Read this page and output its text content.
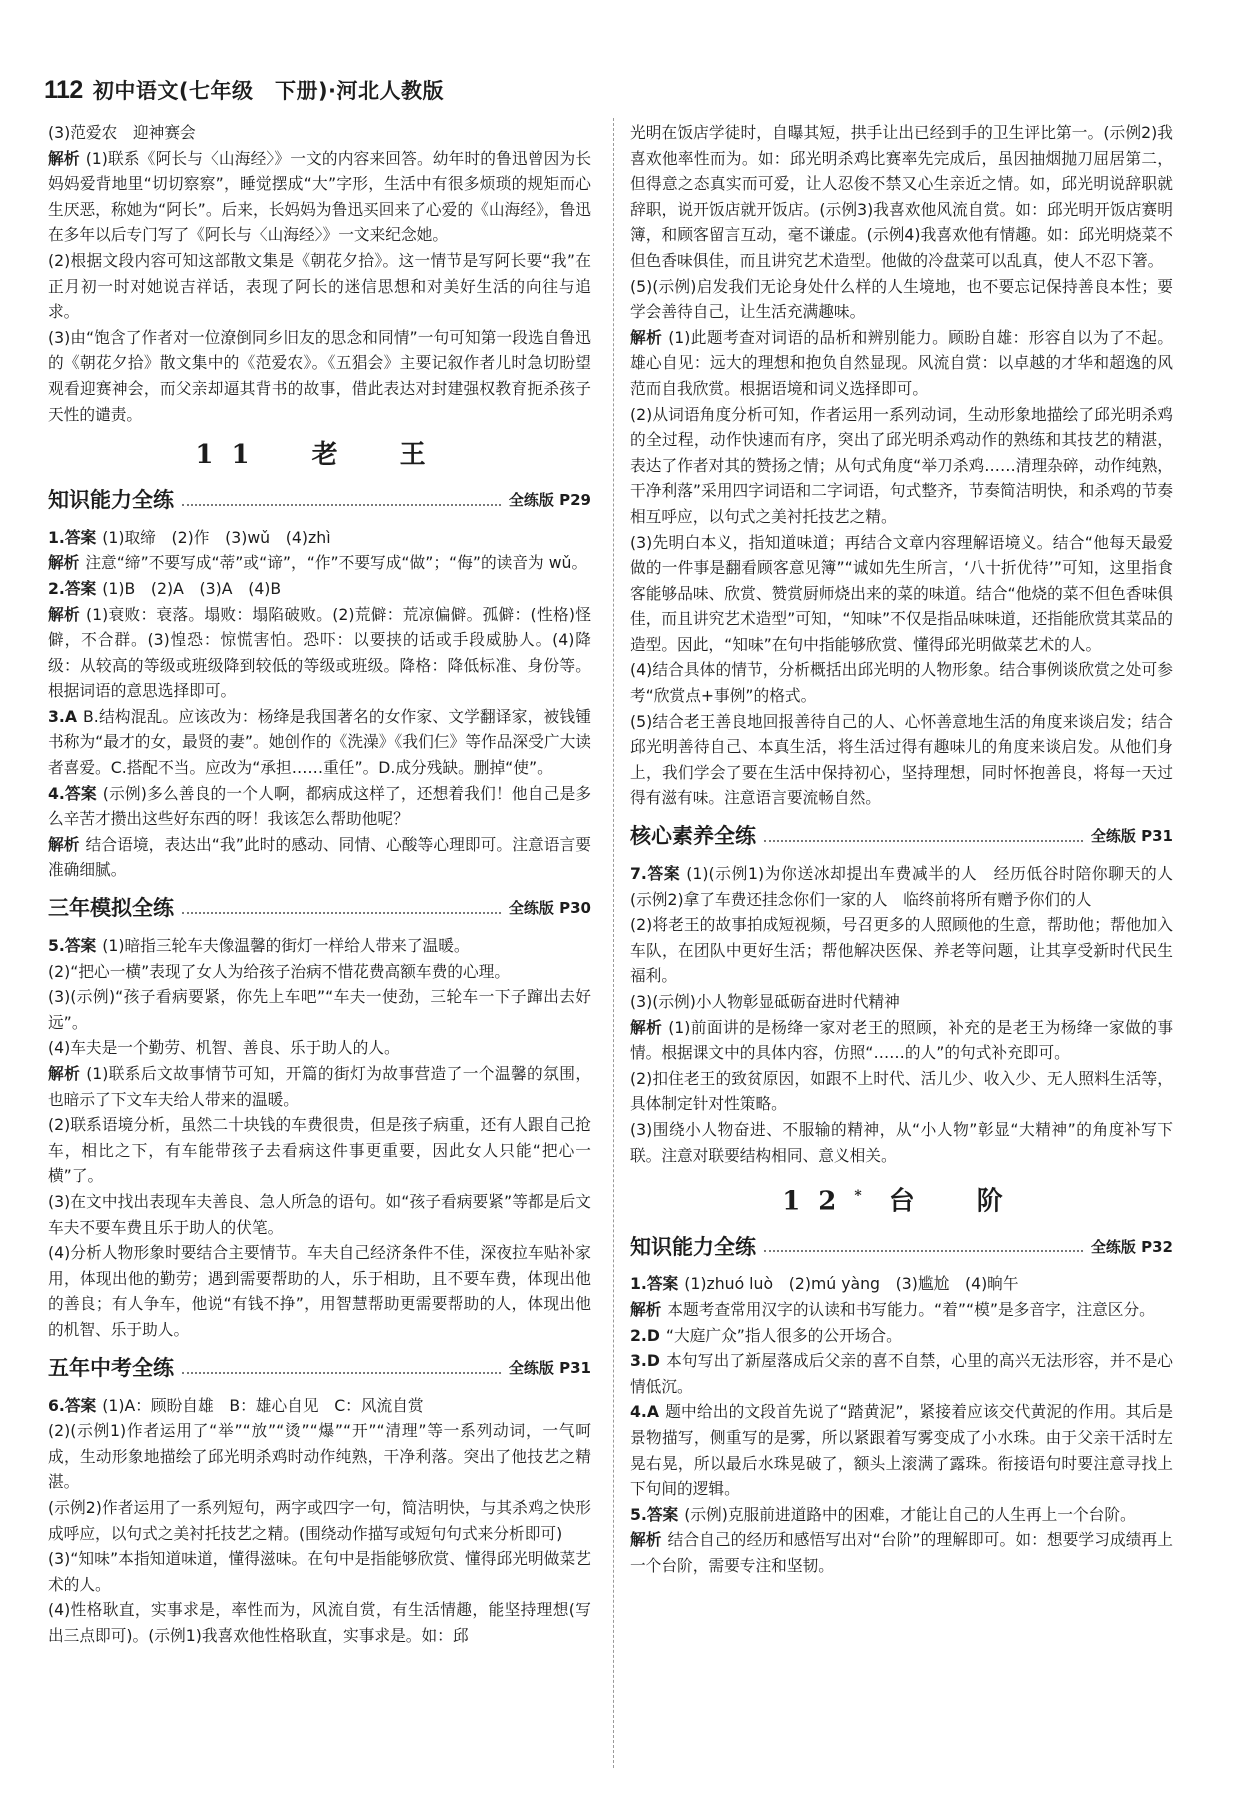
112 初中语文(七年级　下册)·河北人教版

(3)范爱农　迎神赛会

解析 (1)联系《阿长与〈山海经〉》一文的内容来回答。幼年时的鲁迅曾因为长妈妈爱背地里“切切察察”，睡觉摆成“大”字形，生活中有很多烦琐的规矩而心生厌恶，称她为“阿长”。后来，长妈妈为鲁迅买回来了心爱的《山海经》，鲁迅在多年以后专门写了《阿长与〈山海经〉》一文来纪念她。

(2)根据文段内容可知这部散文集是《朝花夕拾》。这一情节是写阿长要“我”在正月初一时对她说吉祥话，表现了阿长的迷信思想和对美好生活的向往与追求。

(3)由“饱含了作者对一位潦倒同乡旧友的思念和同情”一句可知第一段选自鲁迅的《朝花夕拾》散文集中的《范爱农》。《五猖会》主要记叙作者儿时急切盼望观看迎赛神会，而父亲却逼其背书的故事，借此表达对封建强权教育扼杀孩子天性的谴责。

11　老　王
知识能力全练	全练版 P29

1.答案 (1)取缔　(2)作　(3)wǔ　(4)zhì

解析 注意“缔”不要写成“蒂”或“谛”，“作”不要写成“做”；“侮”的读音为 wǔ。

2.答案 (1)B　(2)A　(3)A　(4)B

解析 (1)衰败：衰落。塌败：塌陷破败。(2)荒僻：荒凉偏僻。孤僻：(性格)怪僻，不合群。(3)惶恐：惊慌害怕。恐吓：以要挟的话或手段威胁人。(4)降级：从较高的等级或班级降到较低的等级或班级。降格：降低标准、身份等。根据词语的意思选择即可。

3.A B.结构混乱。应该改为：杨绛是我国著名的女作家、文学翻译家，被钱锺书称为“最才的女，最贤的妻”。她创作的《洗澡》《我们仨》等作品深受广大读者喜爱。C.搭配不当。应改为“承担……重任”。D.成分残缺。删掉“使”。

4.答案 (示例)多么善良的一个人啊，都病成这样了，还想着我们！他自己是多么辛苦才攒出这些好东西的呀！我该怎么帮助他呢？

解析 结合语境，表达出“我”此时的感动、同情、心酸等心理即可。注意语言要准确细腻。

三年模拟全练	全练版 P30

5.答案 (1)暗指三轮车夫像温馨的街灯一样给人带来了温暖。

(2)“把心一横”表现了女人为给孩子治病不惜花费高额车费的心理。

(3)(示例)“孩子看病要紧，你先上车吧”“车夫一使劲，三轮车一下子蹿出去好远”。

(4)车夫是一个勤劳、机智、善良、乐于助人的人。

解析 (1)联系后文故事情节可知，开篇的街灯为故事营造了一个温馨的氛围，也暗示了下文车夫给人带来的温暖。

(2)联系语境分析，虽然二十块钱的车费很贵，但是孩子病重，还有人跟自己抢车，相比之下，有车能带孩子去看病这件事更重要，因此女人只能“把心一横”了。

(3)在文中找出表现车夫善良、急人所急的语句。如“孩子看病要紧”等都是后文车夫不要车费且乐于助人的伏笔。

(4)分析人物形象时要结合主要情节。车夫自己经济条件不佳，深夜拉车贴补家用，体现出他的勤劳；遇到需要帮助的人，乐于相助，且不要车费，体现出他的善良；有人争车，他说“有钱不挣”，用智慧帮助更需要帮助的人，体现出他的机智、乐于助人。

五年中考全练	全练版 P31

6.答案 (1)A：顾盼自雄　B：雄心自见　C：风流自赏

(2)(示例1)作者运用了“举”“放”“烫”“爆”“开”“清理”等一系列动词，一气呵成，生动形象地描绘了邱光明杀鸡时动作纯熟，干净利落。突出了他技艺之精湛。

(示例2)作者运用了一系列短句，两字或四字一句，简洁明快，与其杀鸡之快形成呼应，以句式之美衬托技艺之精。(围绕动作描写或短句句式来分析即可)

(3)“知味”本指知道味道，懂得滋味。在句中是指能够欣赏、懂得邱光明做菜艺术的人。

(4)性格耿直，实事求是，率性而为，风流自赏，有生活情趣，能坚持理想(写出三点即可)。(示例1)我喜欢他性格耿直，实事求是。如：邱

光明在饭店学徒时，自曝其短，拱手让出已经到手的卫生评比第一。(示例2)我喜欢他率性而为。如：邱光明杀鸡比赛率先完成后，虽因抽烟抛刀屈居第二，但得意之态真实而可爱，让人忍俊不禁又心生亲近之情。如，邱光明说辞职就辞职，说开饭店就开饭店。(示例3)我喜欢他风流自赏。如：邱光明开饭店赛明簿，和顾客留言互动，毫不谦虚。(示例4)我喜欢他有情趣。如：邱光明烧菜不但色香味俱佳，而且讲究艺术造型。他做的冷盘菜可以乱真，使人不忍下箸。

(5)(示例)启发我们无论身处什么样的人生境地，也不要忘记保持善良本性；要学会善待自己，让生活充满趣味。

解析 (1)此题考查对词语的品析和辨别能力。顾盼自雄：形容自以为了不起。雄心自见：远大的理想和抱负自然显现。风流自赏：以卓越的才华和超逸的风范而自我欣赏。根据语境和词义选择即可。

(2)从词语角度分析可知，作者运用一系列动词，生动形象地描绘了邱光明杀鸡的全过程，动作快速而有序，突出了邱光明杀鸡动作的熟练和其技艺的精湛，表达了作者对其的赞扬之情；从句式角度“举刀杀鸡……清理杂碎，动作纯熟，干净利落”采用四字词语和二字词语，句式整齐，节奏简洁明快，和杀鸡的节奏相互呼应，以句式之美衬托技艺之精。

(3)先明白本义，指知道味道；再结合文章内容理解语境义。结合“他每天最爱做的一件事是翻看顾客意见簿”“诚如先生所言，‘八十折优待’”可知，这里指食客能够品味、欣赏、赞赏厨师烧出来的菜的味道。结合“他烧的菜不但色香味俱佳，而且讲究艺术造型”可知，“知味”不仅是指品味味道，还指能欣赏其菜品的造型。因此，“知味”在句中指能够欣赏、懂得邱光明做菜艺术的人。

(4)结合具体的情节，分析概括出邱光明的人物形象。结合事例谈欣赏之处可参考“欣赏点+事例”的格式。

(5)结合老王善良地回报善待自己的人、心怀善意地生活的角度来谈启发；结合邱光明善待自己、本真生活，将生活过得有趣味儿的角度来谈启发。从他们身上，我们学会了要在生活中保持初心，坚持理想，同时怀抱善良，将每一天过得有滋有味。注意语言要流畅自然。

核心素养全练	全练版 P31

7.答案 (1)(示例1)为你送冰却提出车费减半的人　经历低谷时陪你聊天的人　(示例2)拿了车费还挂念你们一家的人　临终前将所有赠予你们的人

(2)将老王的故事拍成短视频，号召更多的人照顾他的生意，帮助他；帮他加入车队，在团队中更好生活；帮他解决医保、养老等问题，让其享受新时代民生福利。

(3)(示例)小人物彰显砥砺奋进时代精神

解析 (1)前面讲的是杨绛一家对老王的照顾，补充的是老王为杨绛一家做的事情。根据课文中的具体内容，仿照“……的人”的句式补充即可。

(2)扣住老王的致贫原因，如跟不上时代、活儿少、收入少、无人照料生活等，具体制定针对性策略。

(3)围绕小人物奋进、不服输的精神，从“小人物”彰显“大精神”的角度补写下联。注意对联要结构相同、意义相关。

12* 台　阶
知识能力全练	全练版 P32

1.答案 (1)zhuó luò　(2)mú yàng　(3)尴尬　(4)晌午

解析 本题考查常用汉字的认读和书写能力。“着”“模”是多音字，注意区分。

2.D “大庭广众”指人很多的公开场合。

3.D 本句写出了新屋落成后父亲的喜不自禁，心里的高兴无法形容，并不是心情低沉。

4.A 题中给出的文段首先说了“踏黄泥”，紧接着应该交代黄泥的作用。其后是景物描写，侧重写的是雾，所以紧跟着写雾变成了小水珠。由于父亲干活时左晃右晃，所以最后水珠晃破了，额头上滚满了露珠。衔接语句时要注意寻找上下句间的逻辑。

5.答案 (示例)克服前进道路中的困难，才能让自己的人生再上一个台阶。

解析 结合自己的经历和感悟写出对“台阶”的理解即可。如：想要学习成绩再上一个台阶，需要专注和坚韧。
